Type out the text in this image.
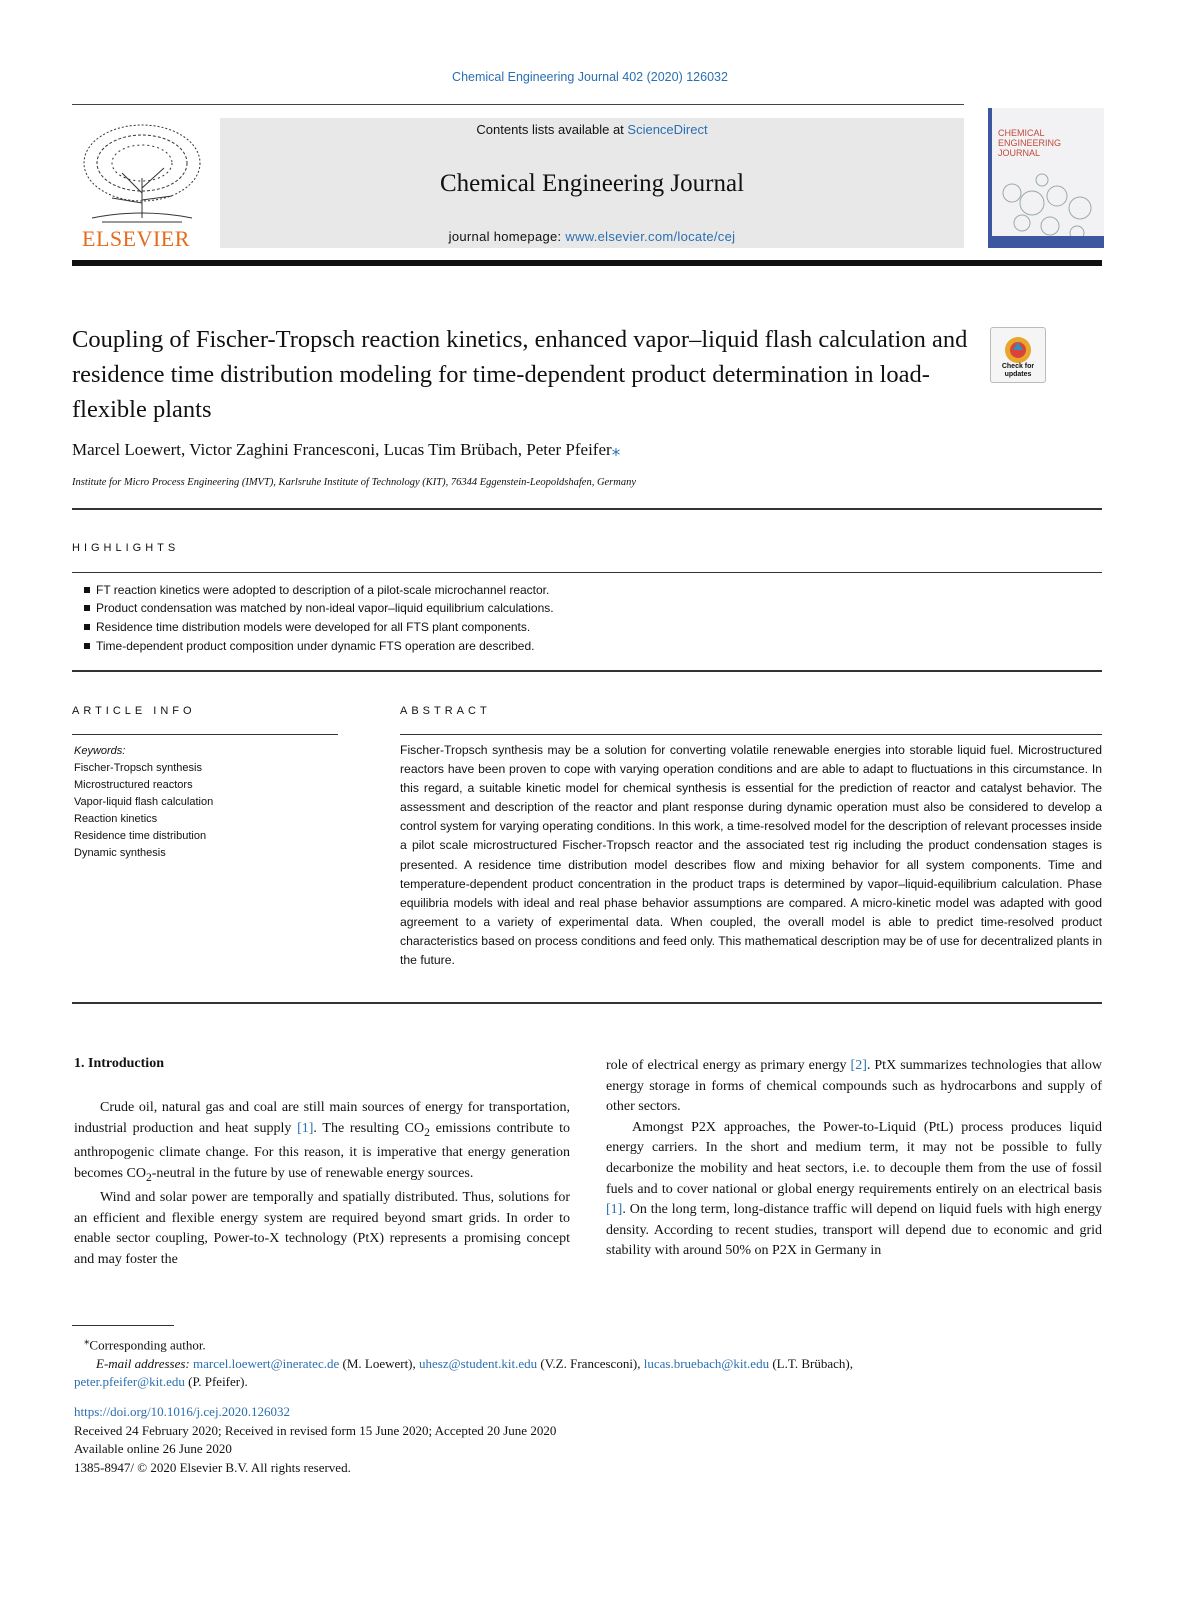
Chemical Engineering Journal 402 (2020) 126032
ELSEVIER
Contents lists available at ScienceDirect
Chemical Engineering Journal
journal homepage: www.elsevier.com/locate/cej
CHEMICAL ENGINEERING JOURNAL
Coupling of Fischer-Tropsch reaction kinetics, enhanced vapor–liquid flash calculation and residence time distribution modeling for time-dependent product determination in load-flexible plants
Check for updates
Marcel Loewert, Victor Zaghini Francesconi, Lucas Tim Brübach, Peter Pfeifer⁎
Institute for Micro Process Engineering (IMVT), Karlsruhe Institute of Technology (KIT), 76344 Eggenstein-Leopoldshafen, Germany
HIGHLIGHTS
FT reaction kinetics were adopted to description of a pilot-scale microchannel reactor.
Product condensation was matched by non-ideal vapor–liquid equilibrium calculations.
Residence time distribution models were developed for all FTS plant components.
Time-dependent product composition under dynamic FTS operation are described.
ARTICLE INFO	ABSTRACT
Keywords:
Fischer-Tropsch synthesis
Microstructured reactors
Vapor-liquid flash calculation
Reaction kinetics
Residence time distribution
Dynamic synthesis
Fischer-Tropsch synthesis may be a solution for converting volatile renewable energies into storable liquid fuel. Microstructured reactors have been proven to cope with varying operation conditions and are able to adapt to fluctuations in this circumstance. In this regard, a suitable kinetic model for chemical synthesis is essential for the prediction of reactor and catalyst behavior. The assessment and description of the reactor and plant response during dynamic operation must also be considered to develop a control system for varying operating conditions. In this work, a time-resolved model for the description of relevant processes inside a pilot scale microstructured Fischer-Tropsch reactor and the associated test rig including the product condensation stages is presented. A residence time distribution model describes flow and mixing behavior for all system components. Time and temperature-dependent product concentration in the product traps is determined by vapor–liquid-equilibrium calculation. Phase equilibria models with ideal and real phase behavior assumptions are compared. A micro-kinetic model was adapted with good agreement to a variety of experimental data. When coupled, the overall model is able to predict time-resolved product characteristics based on process conditions and feed only. This mathematical description may be of use for decentralized plants in the future.
1. Introduction

Crude oil, natural gas and coal are still main sources of energy for transportation, industrial production and heat supply [1]. The resulting $CO_2$ emissions contribute to anthropogenic climate change. For this reason, it is imperative that energy generation becomes $CO_2$-neutral in the future by use of renewable energy sources.

Wind and solar power are temporally and spatially distributed. Thus, solutions for an efficient and flexible energy system are required beyond smart grids. In order to enable sector coupling, Power-to-X technology (PtX) represents a promising concept and may foster the

role of electrical energy as primary energy [2]. PtX summarizes technologies that allow energy storage in forms of chemical compounds such as hydrocarbons and supply of other sectors.

Amongst P2X approaches, the Power-to-Liquid (PtL) process produces liquid energy carriers. In the short and medium term, it may not be possible to fully decarbonize the mobility and heat sectors, i.e. to decouple them from the use of fossil fuels and to cover national or global energy requirements entirely on an electrical basis [1]. On the long term, long-distance traffic will depend on liquid fuels with high energy density. According to recent studies, transport will depend due to economic and grid stability with around 50% on P2X in Germany in

⁎Corresponding author.
E-mail addresses: marcel.loewert@ineratec.de (M. Loewert), uhesz@student.kit.edu (V.Z. Francesconi), lucas.bruebach@kit.edu (L.T. Brübach),
peter.pfeifer@kit.edu (P. Pfeifer).
https://doi.org/10.1016/j.cej.2020.126032
Received 24 February 2020; Received in revised form 15 June 2020; Accepted 20 June 2020
Available online 26 June 2020
1385-8947/ © 2020 Elsevier B.V. All rights reserved.
